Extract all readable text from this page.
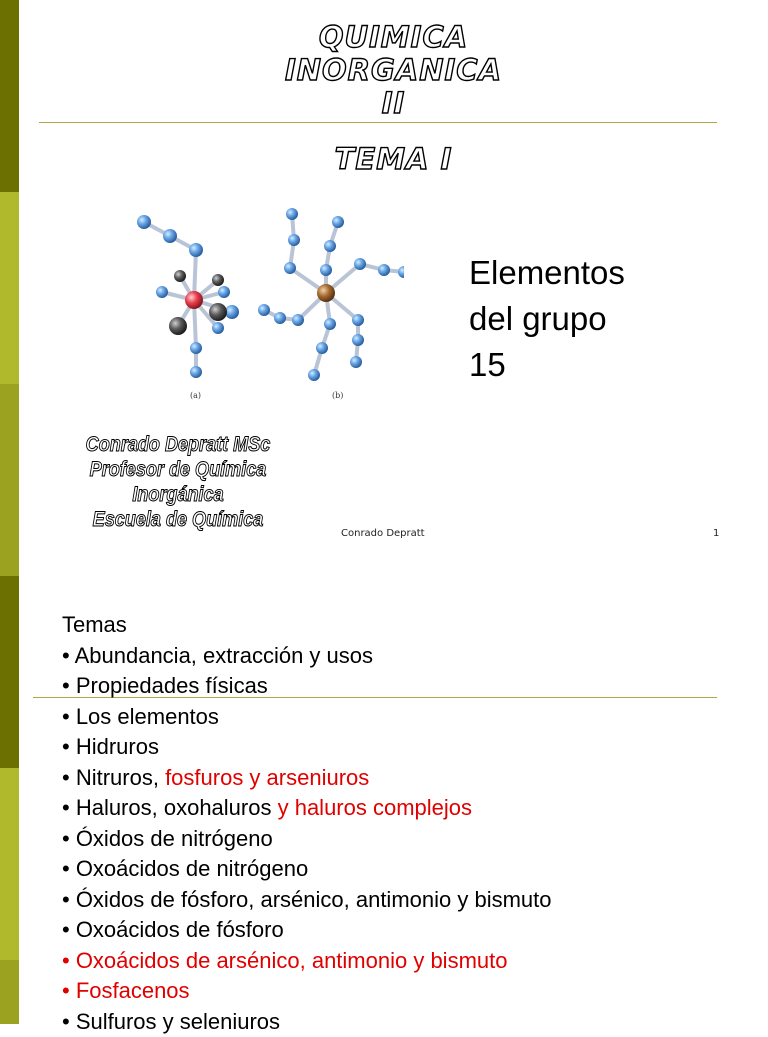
QUIMICA
INORGANICA
II
TEMA I
(a)	(b)
Elementos
del grupo
15
Conrado Depratt MSc
Profesor de Química Inorgánica
Escuela de Química
Conrado Depratt	1
Temas
• Abundancia, extracción y usos
• Propiedades físicas
• Los elementos
• Hidruros
• Nitruros, fosfuros y arseniuros
• Haluros, oxohaluros y haluros complejos
• Óxidos de nitrógeno
• Oxoácidos de nitrógeno
• Óxidos de fósforo, arsénico, antimonio y bismuto
• Oxoácidos de fósforo
• Oxoácidos de arsénico, antimonio y bismuto
• Fosfacenos
• Sulfuros y seleniuros
